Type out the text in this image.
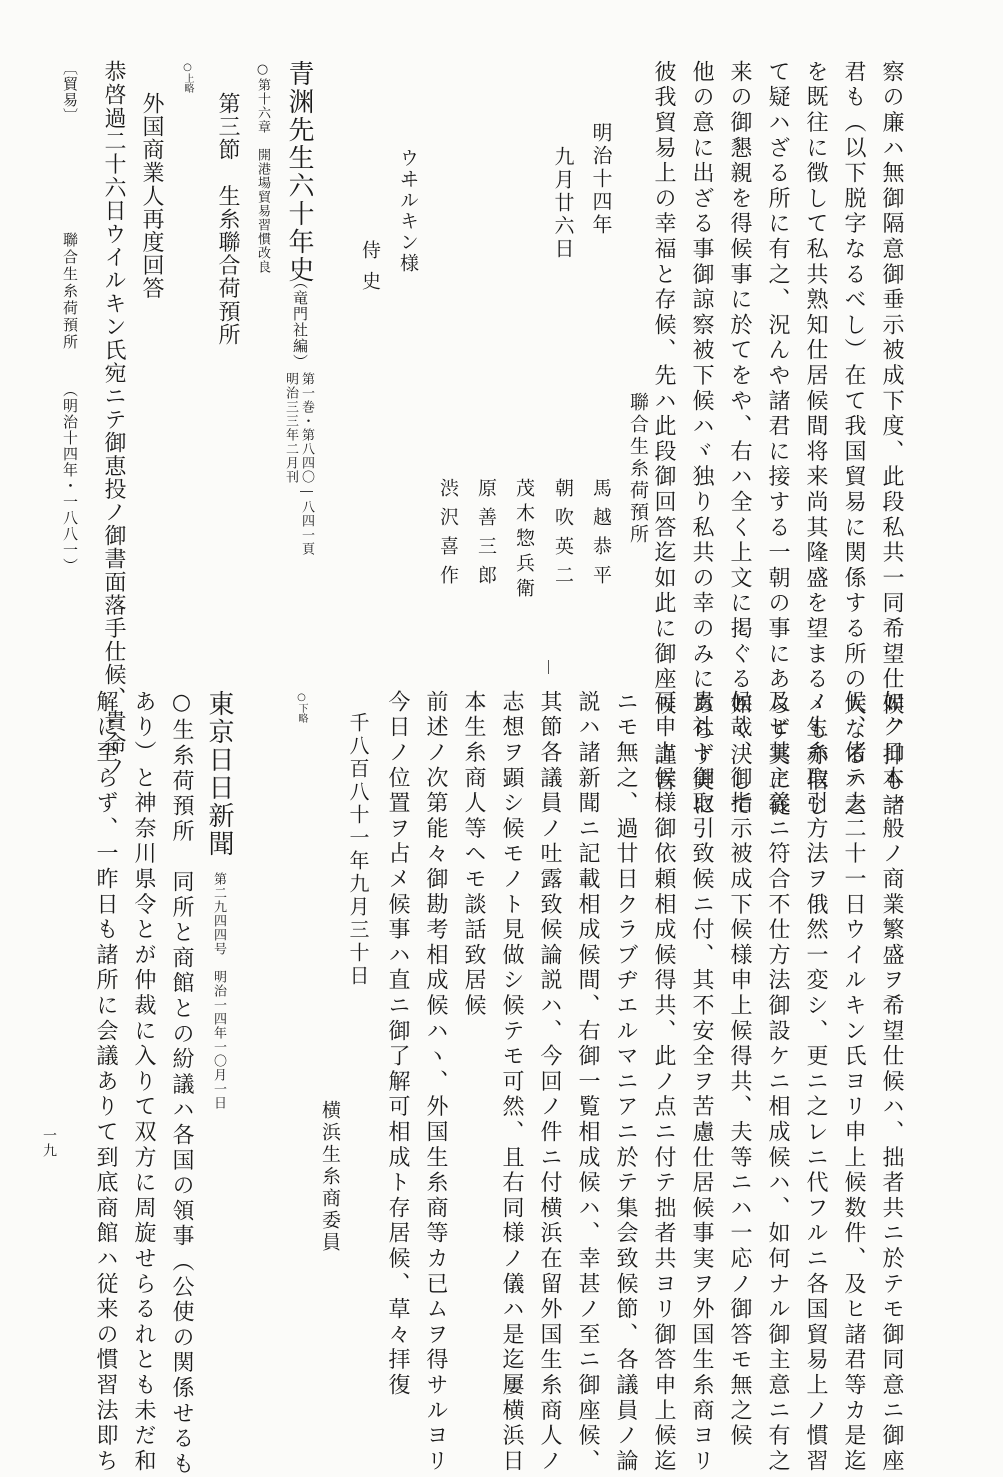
察の廉ハ無御隔意御垂示被成下度、此段私共一同希望仕候、抑も諸
君も（以下脱字なるべし）在て我国貿易に関係する所の大なるハ之
を既往に徴して私共熟知仕居候間将来尚其隆盛を望まるゝも亦信じ
て疑ハざる所に有之、況んや諸君に接する一朝の事にあらず実に従
来の御懇親を得候事に於てをや、右ハ全く上文に掲ぐる如く決して
他の意に出ざる事御諒察被下候ハヾ独り私共の幸のみにあらず実に
彼我貿易上の幸福と存候、先ハ此段御回答迄如此に御座候　謹言
聯合生糸荷預所
明治十四年
九月廿六日
馬越恭平
朝吹英二
茂木惣兵衛
原善三郎
渋沢喜作
ウヰルキン様
侍史
青渊先生六十年史
（竜門社編）
第一巻・第八四〇―八四一頁
明治三三年二月刊
○第十六章　開港場貿易習慣改良
第三節　生糸聯合荷預所
○上略
外国商業人再度回答
恭啓過二十六日ウイルキン氏宛ニテ御恵投ノ御書面落手仕候、貴命ノ
〔貿易〕
聯合生糸荷預所
（明治十四年・一八八一）
如ク日本一般ノ商業繁盛ヲ希望仕候ハ、拙者共ニ於テモ御同意ニ御座
候、偖テ去二十一日ウイルキン氏ヨリ申上候数件、及ヒ諸君等カ是迄
ノ生糸取引方法ヲ俄然一変シ、更ニ之レニ代フルニ各国貿易上ノ慣習
及ヒ其主義ニ符合不仕方法御設ケニ相成候ハ、如何ナル御主意ニ有之
候哉、御指示被成下候様申上候得共、夫等ニハ一応ノ御答モ無之候
貴社ト御取引致候ニ付、其不安全ヲ苦慮仕居候事実ヲ外国生糸商ヨリ
可申上候様御依頼相成候得共、此ノ点ニ付テ拙者共ヨリ御答申上候迄
ニモ無之、過廿日クラブヂエルマニアニ於テ集会致候節、各議員ノ論
説ハ諸新聞ニ記載相成候間、右御一覧相成候ハ、幸甚ノ至ニ御座候、
其節各議員ノ吐露致候論説ハ、今回ノ件ニ付横浜在留外国生糸商人ノ
志想ヲ顕シ候モノト見做シ候テモ可然、且右同様ノ儀ハ是迄屢横浜日
本生糸商人等ヘモ談話致居候
前述ノ次第能々御勘考相成候ハヽ、外国生糸商等カ已ムヲ得サルヨリ
今日ノ位置ヲ占メ候事ハ直ニ御了解可相成ト存居候、草々拝復
千八百八十一年九月三十日
○下略
横浜生糸商委員
東京日日新聞
第二九四四号　明治一四年一〇月一日
○生糸荷預所　同所と商館との紛議ハ各国の領事（公使の関係せるも
あり）と神奈川県令とが仲裁に入りて双方に周旋せらるれとも未だ和
解に至らず、一昨日も諸所に会議ありて到底商館ハ従来の慣習法即ち
一九
